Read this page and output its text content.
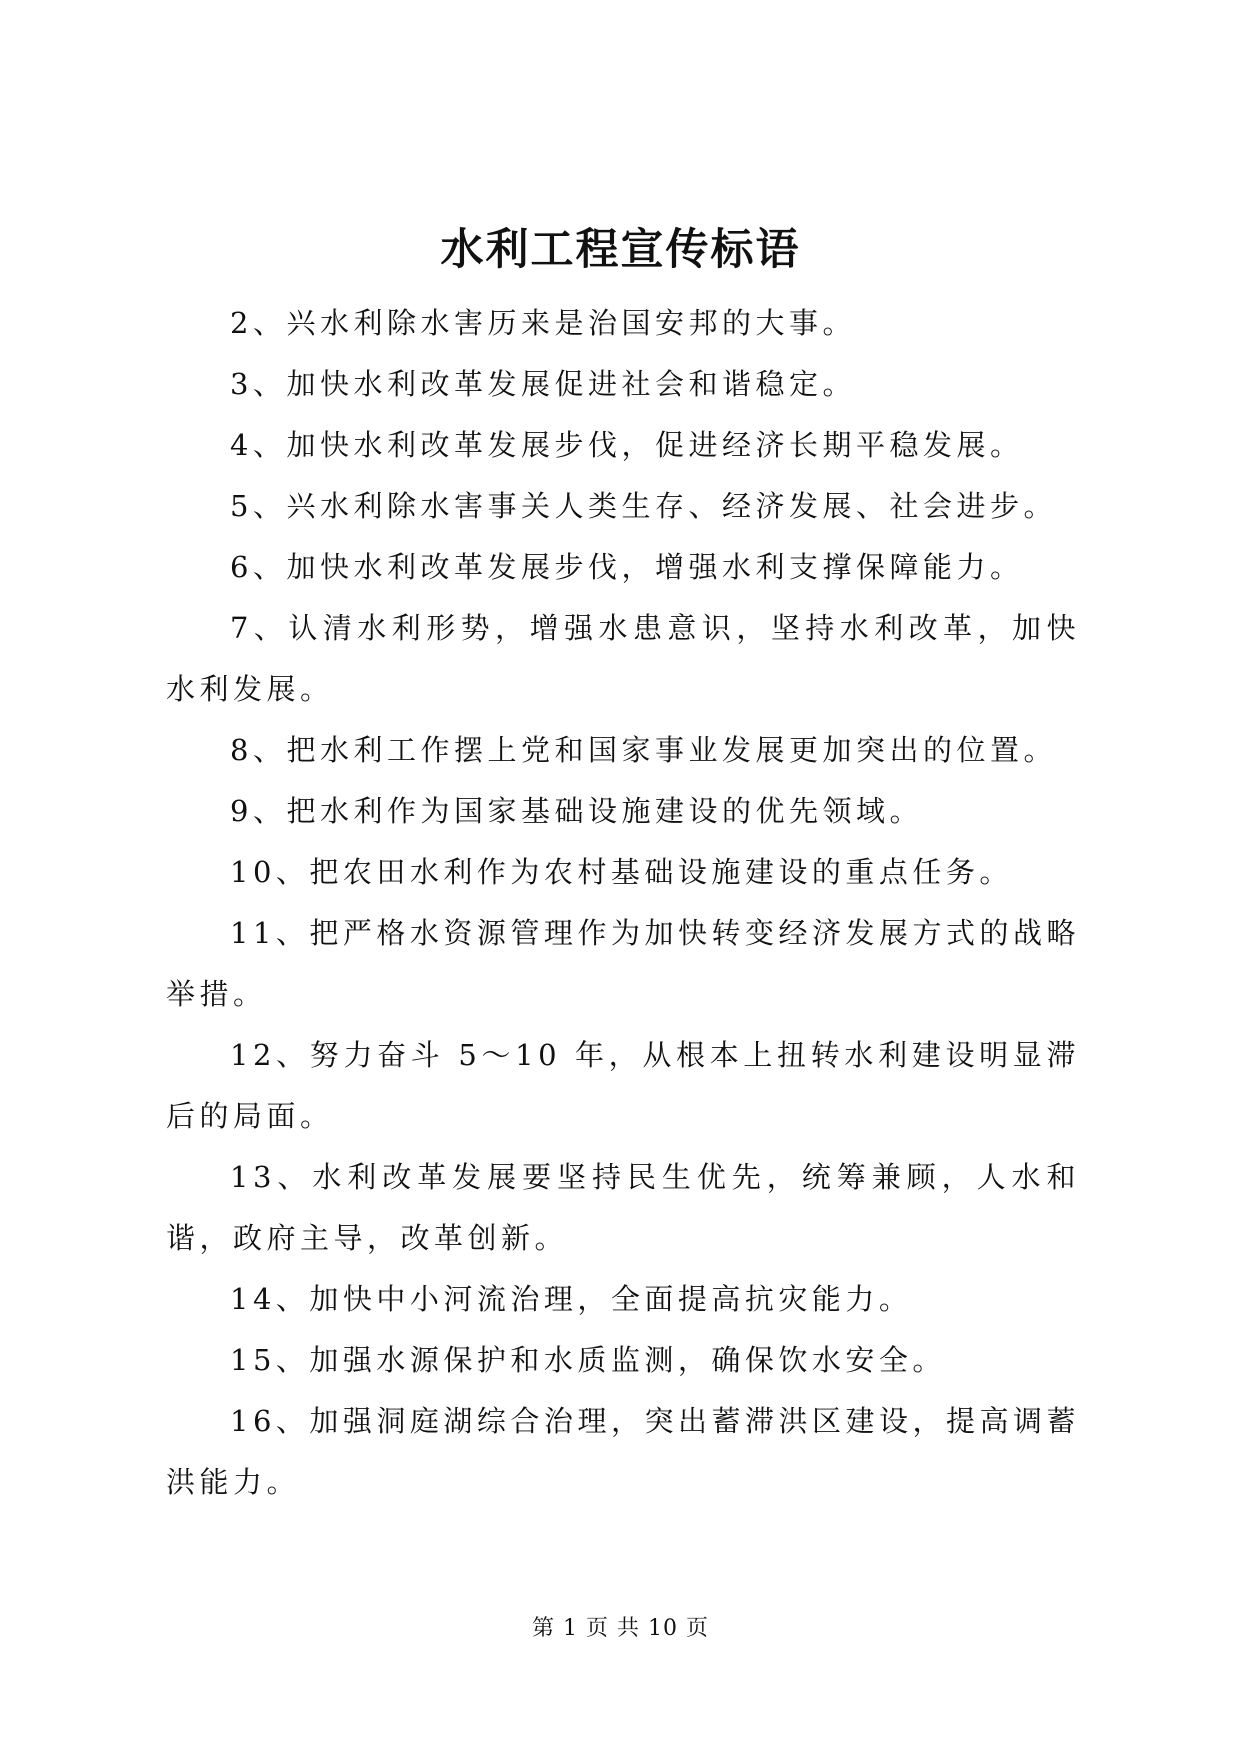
水利工程宣传标语

2、兴水利除水害历来是治国安邦的大事。

3、加快水利改革发展促进社会和谐稳定。

4、加快水利改革发展步伐，促进经济长期平稳发展。

5、兴水利除水害事关人类生存、经济发展、社会进步。

6、加快水利改革发展步伐，增强水利支撑保障能力。

7、认清水利形势，增强水患意识，坚持水利改革，加快水利发展。

8、把水利工作摆上党和国家事业发展更加突出的位置。

9、把水利作为国家基础设施建设的优先领域。

10、把农田水利作为农村基础设施建设的重点任务。

11、把严格水资源管理作为加快转变经济发展方式的战略举措。

12、努力奋斗 5～10 年，从根本上扭转水利建设明显滞后的局面。

13、水利改革发展要坚持民生优先，统筹兼顾，人水和谐，政府主导，改革创新。

14、加快中小河流治理，全面提高抗灾能力。

15、加强水源保护和水质监测，确保饮水安全。

16、加强洞庭湖综合治理，突出蓄滞洪区建设，提高调蓄洪能力。

第 1 页 共 10 页
